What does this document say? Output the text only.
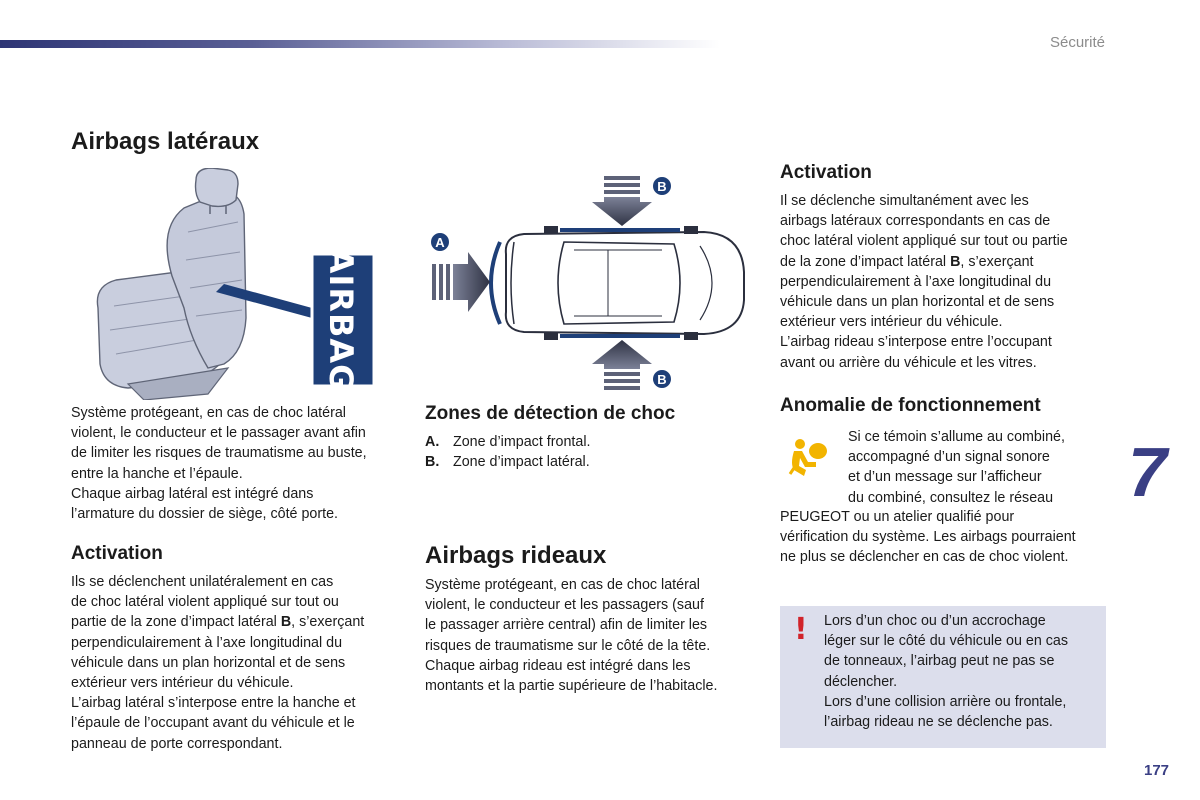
Sécurité
Airbags latéraux
AIRBAG
Système protégeant, en cas de choc latéral
violent, le conducteur et le passager avant afin
de limiter les risques de traumatisme au buste,
entre la hanche et l’épaule.
Chaque airbag latéral est intégré dans
l’armature du dossier de siège, côté porte.
Activation
Ils se déclenchent unilatéralement en cas
de choc latéral violent appliqué sur tout ou
partie de la zone d’impact latéral B, s’exerçant
perpendiculairement à l’axe longitudinal du
véhicule dans un plan horizontal et de sens
extérieur vers intérieur du véhicule.
L’airbag latéral s’interpose entre la hanche et
l’épaule de l’occupant avant du véhicule et le
panneau de porte correspondant.
A
B
B
Zones de détection de choc
A. Zone d’impact frontal.
B. Zone d’impact latéral.
Airbags rideaux
Système protégeant, en cas de choc latéral
violent, le conducteur et les passagers (sauf
le passager arrière central) afin de limiter les
risques de traumatisme sur le côté de la tête.
Chaque airbag rideau est intégré dans les
montants et la partie supérieure de l’habitacle.
Activation
Il se déclenche simultanément avec les
airbags latéraux correspondants en cas de
choc latéral violent appliqué sur tout ou partie
de la zone d’impact latéral B, s’exerçant
perpendiculairement à l’axe longitudinal du
véhicule dans un plan horizontal et de sens
extérieur vers intérieur du véhicule.
L’airbag rideau s’interpose entre l’occupant
avant ou arrière du véhicule et les vitres.
Anomalie de fonctionnement
Si ce témoin s’allume au combiné,
accompagné d’un signal sonore
et d’un message sur l’afficheur
du combiné, consultez le réseau
PEUGEOT ou un atelier qualifié pour
vérification du système. Les airbags pourraient
ne plus se déclencher en cas de choc violent.
! Lors d’un choc ou d’un accrochage
léger sur le côté du véhicule ou en cas
de tonneaux, l’airbag peut ne pas se
déclencher.
Lors d’une collision arrière ou frontale,
l’airbag rideau ne se déclenche pas.
7
177
